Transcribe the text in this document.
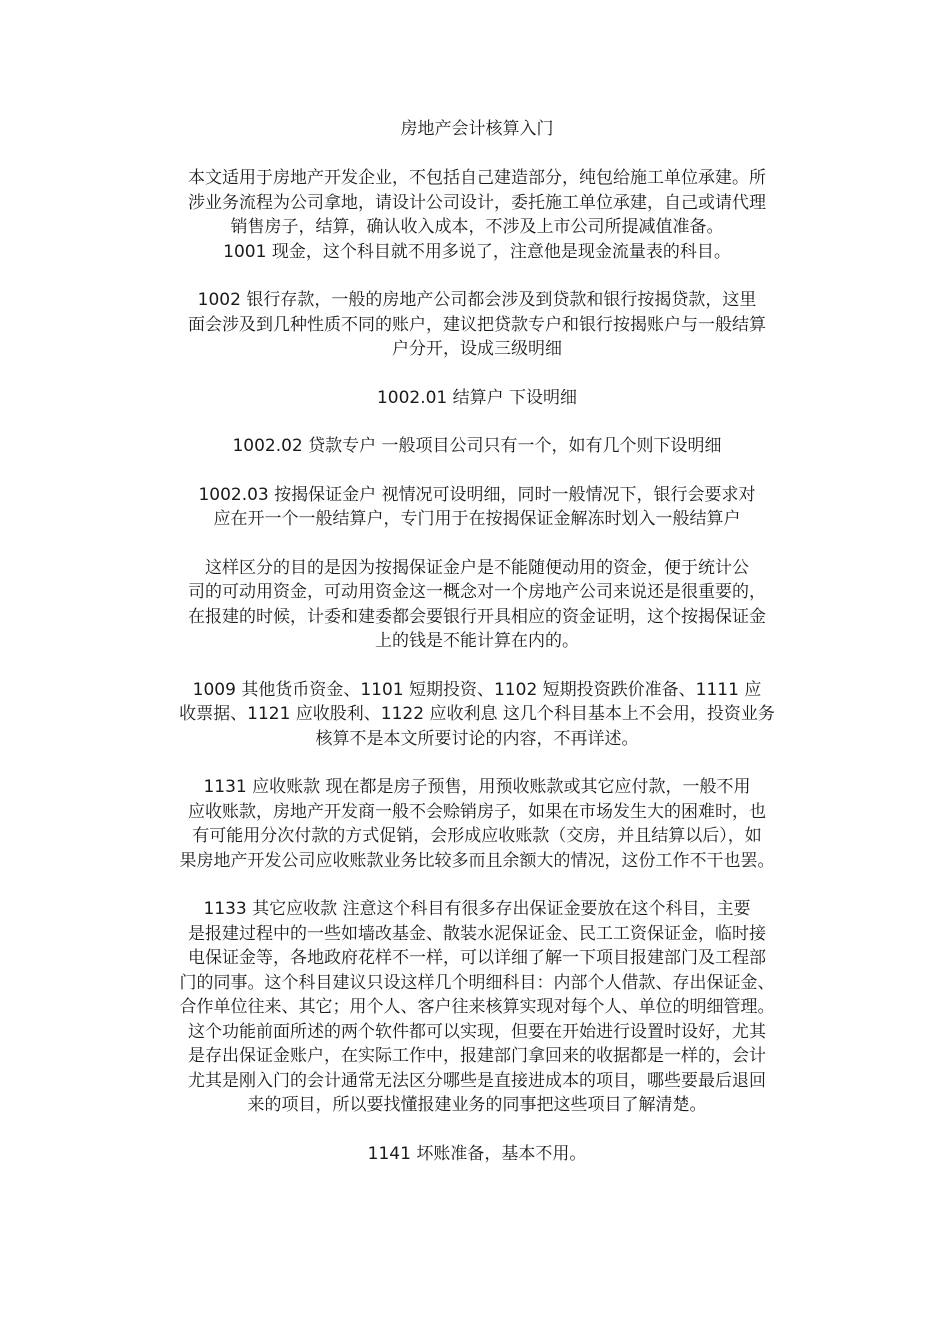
房地产会计核算入门

本文适用于房地产开发企业，不包括自己建造部分，纯包给施工单位承建。所
涉业务流程为公司拿地，请设计公司设计，委托施工单位承建，自己或请代理
销售房子，结算，确认收入成本，不涉及上市公司所提减值准备。
1001 现金，这个科目就不用多说了，注意他是现金流量表的科目。

1002 银行存款，一般的房地产公司都会涉及到贷款和银行按揭贷款，这里
面会涉及到几种性质不同的账户，建议把贷款专户和银行按揭账户与一般结算
户分开，设成三级明细

1002.01 结算户 下设明细

1002.02 贷款专户 一般项目公司只有一个，如有几个则下设明细

1002.03 按揭保证金户 视情况可设明细，同时一般情况下，银行会要求对
应在开一个一般结算户，专门用于在按揭保证金解冻时划入一般结算户

这样区分的目的是因为按揭保证金户是不能随便动用的资金，便于统计公
司的可动用资金，可动用资金这一概念对一个房地产公司来说还是很重要的，
在报建的时候，计委和建委都会要银行开具相应的资金证明，这个按揭保证金
上的钱是不能计算在内的。

1009 其他货币资金、1101 短期投资、1102 短期投资跌价准备、1111 应
收票据、1121 应收股利、1122 应收利息 这几个科目基本上不会用，投资业务
核算不是本文所要讨论的内容，不再详述。

1131 应收账款 现在都是房子预售，用预收账款或其它应付款，一般不用
应收账款，房地产开发商一般不会赊销房子，如果在市场发生大的困难时，也
有可能用分次付款的方式促销，会形成应收账款（交房，并且结算以后），如
果房地产开发公司应收账款业务比较多而且余额大的情况，这份工作不干也罢。

1133 其它应收款 注意这个科目有很多存出保证金要放在这个科目，主要
是报建过程中的一些如墙改基金、散装水泥保证金、民工工资保证金，临时接
电保证金等，各地政府花样不一样，可以详细了解一下项目报建部门及工程部
门的同事。这个科目建议只设这样几个明细科目：内部个人借款、存出保证金、
合作单位往来、其它；用个人、客户往来核算实现对每个人、单位的明细管理。
这个功能前面所述的两个软件都可以实现，但要在开始进行设置时设好，尤其
是存出保证金账户，在实际工作中，报建部门拿回来的收据都是一样的，会计
尤其是刚入门的会计通常无法区分哪些是直接进成本的项目，哪些要最后退回
来的项目，所以要找懂报建业务的同事把这些项目了解清楚。

1141 坏账准备，基本不用。
